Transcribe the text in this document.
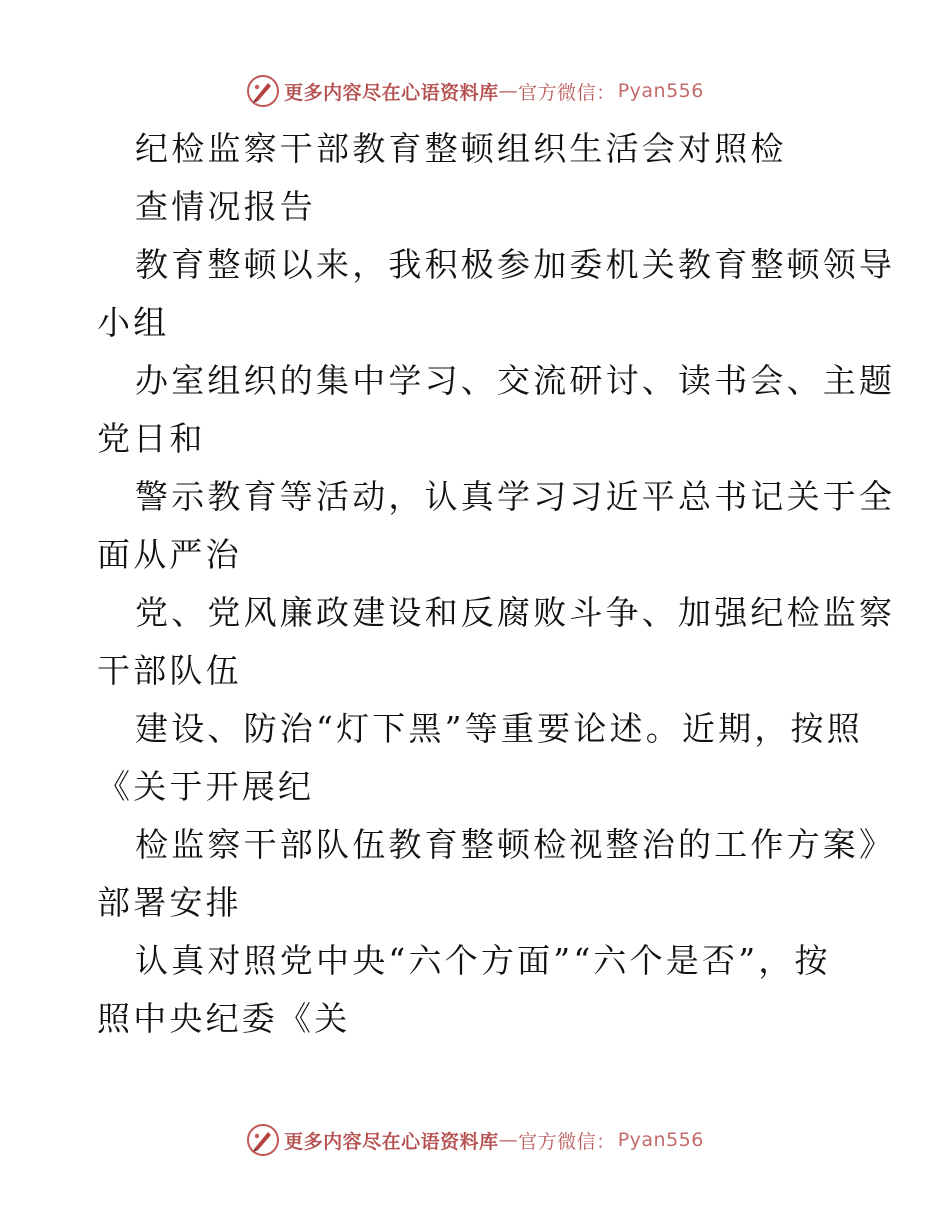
更多内容尽在心语资料库 — 官方微信： Pyan556
纪检监察干部教育整顿组织生活会对照检
查情况报告
教育整顿以来，我积极参加委机关教育整顿领导
小组
办室组织的集中学习、交流研讨、读书会、主题
党日和
警示教育等活动，认真学习习近平总书记关于全
面从严治
党、党风廉政建设和反腐败斗争、加强纪检监察
干部队伍
建设、防治“灯下黑”等重要论述。近期，按照
《关于开展纪
检监察干部队伍教育整顿检视整治的工作方案》
部署安排
认真对照党中央“六个方面”“六个是否”，按
照中央纪委《关
更多内容尽在心语资料库 — 官方微信： Pyan556
